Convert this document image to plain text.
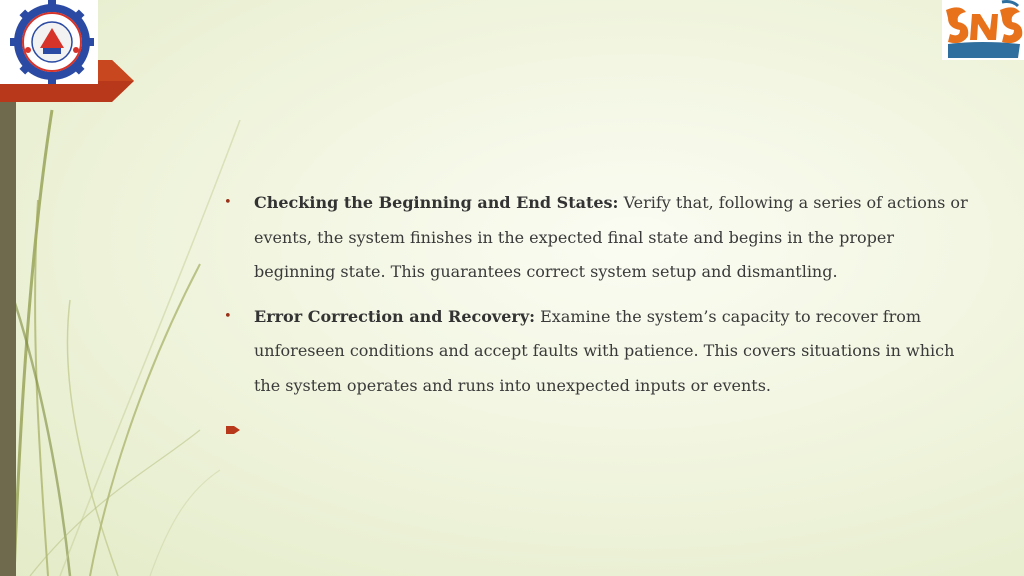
• Checking the Beginning and End States: Verify that, following a series of actions or events, the system finishes in the expected final state and begins in the proper beginning state. This guarantees correct system setup and dismantling.

• Error Correction and Recovery: Examine the system’s capacity to recover from unforeseen conditions and accept faults with patience. This covers situations in which the system operates and runs into unexpected inputs or events.
